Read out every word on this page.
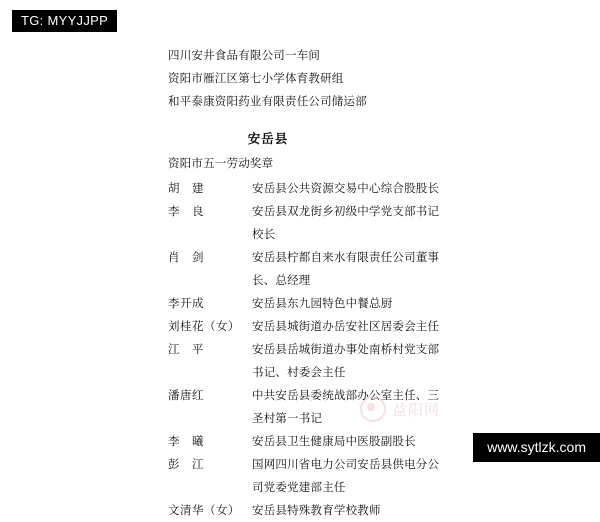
TG: MYYJJPP
益阳网
四川安井食品有限公司一车间
资阳市雁江区第七小学体育教研组
和平泰康资阳药业有限责任公司储运部
安岳县
资阳市五一劳动奖章
胡　建	安岳县公共资源交易中心综合股股长
李　良	安岳县双龙街乡初级中学党支部书记
校长
肖　剑	安岳县柠都自来水有限责任公司董事
长、总经理
李开成	安岳县东九园特色中餐总厨
刘桂花（女）	安岳县城街道办岳安社区居委会主任
江　平	安岳县岳城街道办事处南桥村党支部
书记、村委会主任
潘唐红	中共安岳县委统战部办公室主任、三
圣村第一书记
李　曦	安岳县卫生健康局中医股副股长
彭　江	国网四川省电力公司安岳县供电分公
司党委党建部主任
文清华（女）	安岳县特殊教育学校教师
www.sytlzk.com
